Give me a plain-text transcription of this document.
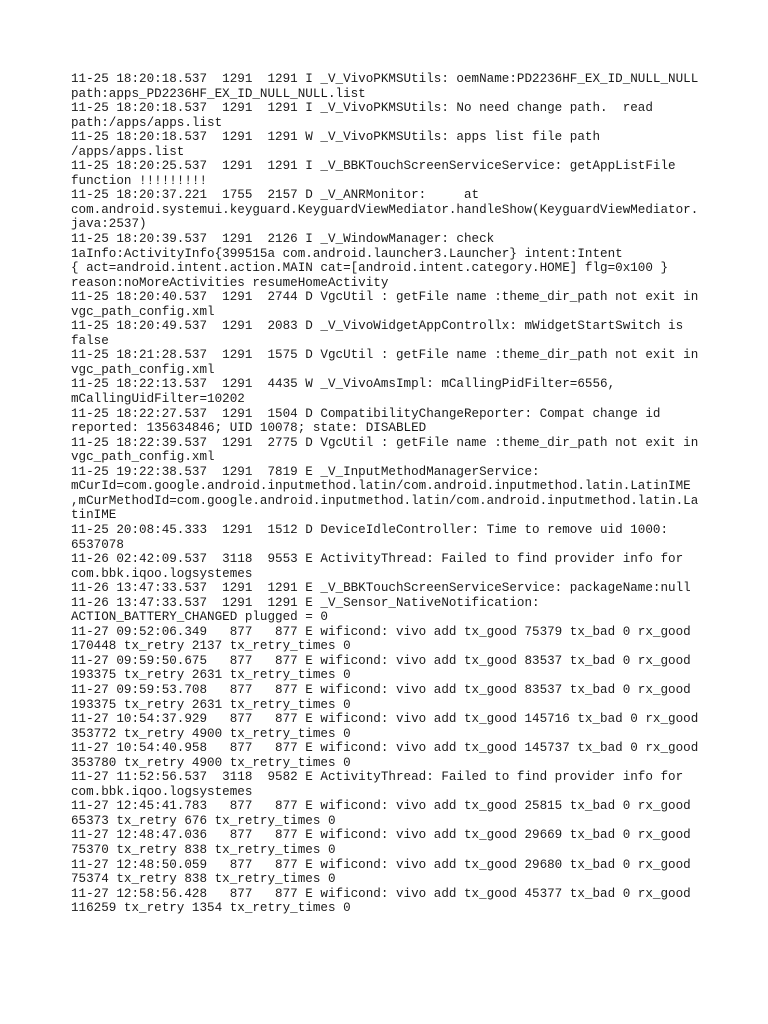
11-25 18:20:18.537  1291  1291 I _V_VivoPKMSUtils: oemName:PD2236HF_EX_ID_NULL_NULL
path:apps_PD2236HF_EX_ID_NULL_NULL.list
11-25 18:20:18.537  1291  1291 I _V_VivoPKMSUtils: No need change path.  read
path:/apps/apps.list
11-25 18:20:18.537  1291  1291 W _V_VivoPKMSUtils: apps list file path
/apps/apps.list
11-25 18:20:25.537  1291  1291 I _V_BBKTouchScreenServiceService: getAppListFile
function !!!!!!!!!
11-25 18:20:37.221  1755  2157 D _V_ANRMonitor:     at
com.android.systemui.keyguard.KeyguardViewMediator.handleShow(KeyguardViewMediator.
java:2537)
11-25 18:20:39.537  1291  2126 I _V_WindowManager: check
1aInfo:ActivityInfo{399515a com.android.launcher3.Launcher} intent:Intent
{ act=android.intent.action.MAIN cat=[android.intent.category.HOME] flg=0x100 }
reason:noMoreActivities resumeHomeActivity
11-25 18:20:40.537  1291  2744 D VgcUtil : getFile name :theme_dir_path not exit in
vgc_path_config.xml
11-25 18:20:49.537  1291  2083 D _V_VivoWidgetAppControllx: mWidgetStartSwitch is
false
11-25 18:21:28.537  1291  1575 D VgcUtil : getFile name :theme_dir_path not exit in
vgc_path_config.xml
11-25 18:22:13.537  1291  4435 W _V_VivoAmsImpl: mCallingPidFilter=6556,
mCallingUidFilter=10202
11-25 18:22:27.537  1291  1504 D CompatibilityChangeReporter: Compat change id
reported: 135634846; UID 10078; state: DISABLED
11-25 18:22:39.537  1291  2775 D VgcUtil : getFile name :theme_dir_path not exit in
vgc_path_config.xml
11-25 19:22:38.537  1291  7819 E _V_InputMethodManagerService:
mCurId=com.google.android.inputmethod.latin/com.android.inputmethod.latin.LatinIME
,mCurMethodId=com.google.android.inputmethod.latin/com.android.inputmethod.latin.La
tinIME
11-25 20:08:45.333  1291  1512 D DeviceIdleController: Time to remove uid 1000:
6537078
11-26 02:42:09.537  3118  9553 E ActivityThread: Failed to find provider info for
com.bbk.iqoo.logsystemes
11-26 13:47:33.537  1291  1291 E _V_BBKTouchScreenServiceService: packageName:null
11-26 13:47:33.537  1291  1291 E _V_Sensor_NativeNotification:
ACTION_BATTERY_CHANGED plugged = 0
11-27 09:52:06.349   877   877 E wificond: vivo add tx_good 75379 tx_bad 0 rx_good
170448 tx_retry 2137 tx_retry_times 0
11-27 09:59:50.675   877   877 E wificond: vivo add tx_good 83537 tx_bad 0 rx_good
193375 tx_retry 2631 tx_retry_times 0
11-27 09:59:53.708   877   877 E wificond: vivo add tx_good 83537 tx_bad 0 rx_good
193375 tx_retry 2631 tx_retry_times 0
11-27 10:54:37.929   877   877 E wificond: vivo add tx_good 145716 tx_bad 0 rx_good
353772 tx_retry 4900 tx_retry_times 0
11-27 10:54:40.958   877   877 E wificond: vivo add tx_good 145737 tx_bad 0 rx_good
353780 tx_retry 4900 tx_retry_times 0
11-27 11:52:56.537  3118  9582 E ActivityThread: Failed to find provider info for
com.bbk.iqoo.logsystemes
11-27 12:45:41.783   877   877 E wificond: vivo add tx_good 25815 tx_bad 0 rx_good
65373 tx_retry 676 tx_retry_times 0
11-27 12:48:47.036   877   877 E wificond: vivo add tx_good 29669 tx_bad 0 rx_good
75370 tx_retry 838 tx_retry_times 0
11-27 12:48:50.059   877   877 E wificond: vivo add tx_good 29680 tx_bad 0 rx_good
75374 tx_retry 838 tx_retry_times 0
11-27 12:58:56.428   877   877 E wificond: vivo add tx_good 45377 tx_bad 0 rx_good
116259 tx_retry 1354 tx_retry_times 0
